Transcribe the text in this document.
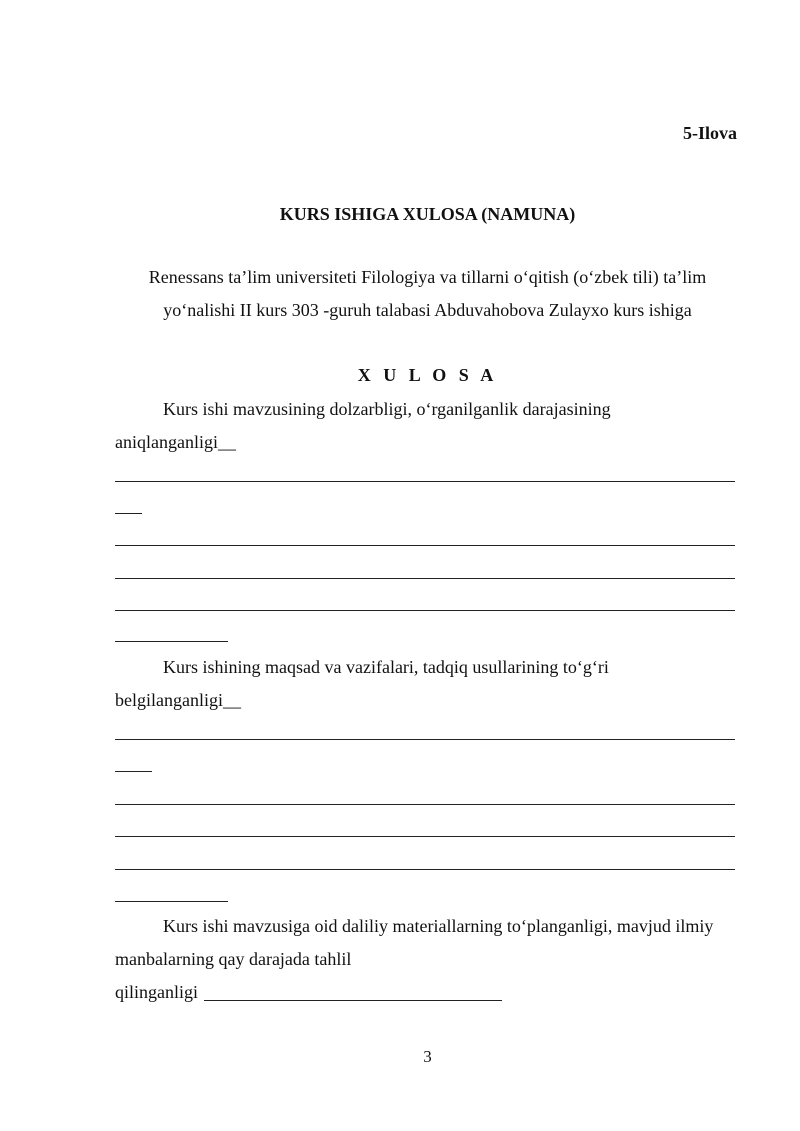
5-Ilova
KURS ISHIGA XULOSA (NAMUNA)
Renessans ta’lim universiteti Filologiya va tillarni o‘qitish (o‘zbek tili) ta’lim
yo‘nalishi II kurs 303 -guruh talabasi Abduvahobova Zulayxo kurs ishiga
X U L O S A
Kurs ishi mavzusining dolzarbligi, o‘rganilganlik darajasining
aniqlanganligi__
Kurs ishining maqsad va vazifalari, tadqiq usullarining to‘g‘ri
belgilanganligi__
Kurs ishi mavzusiga oid daliliy materiallarning to‘planganligi, mavjud ilmiy
manbalarning qay darajada tahlil
qilinganligi
3
